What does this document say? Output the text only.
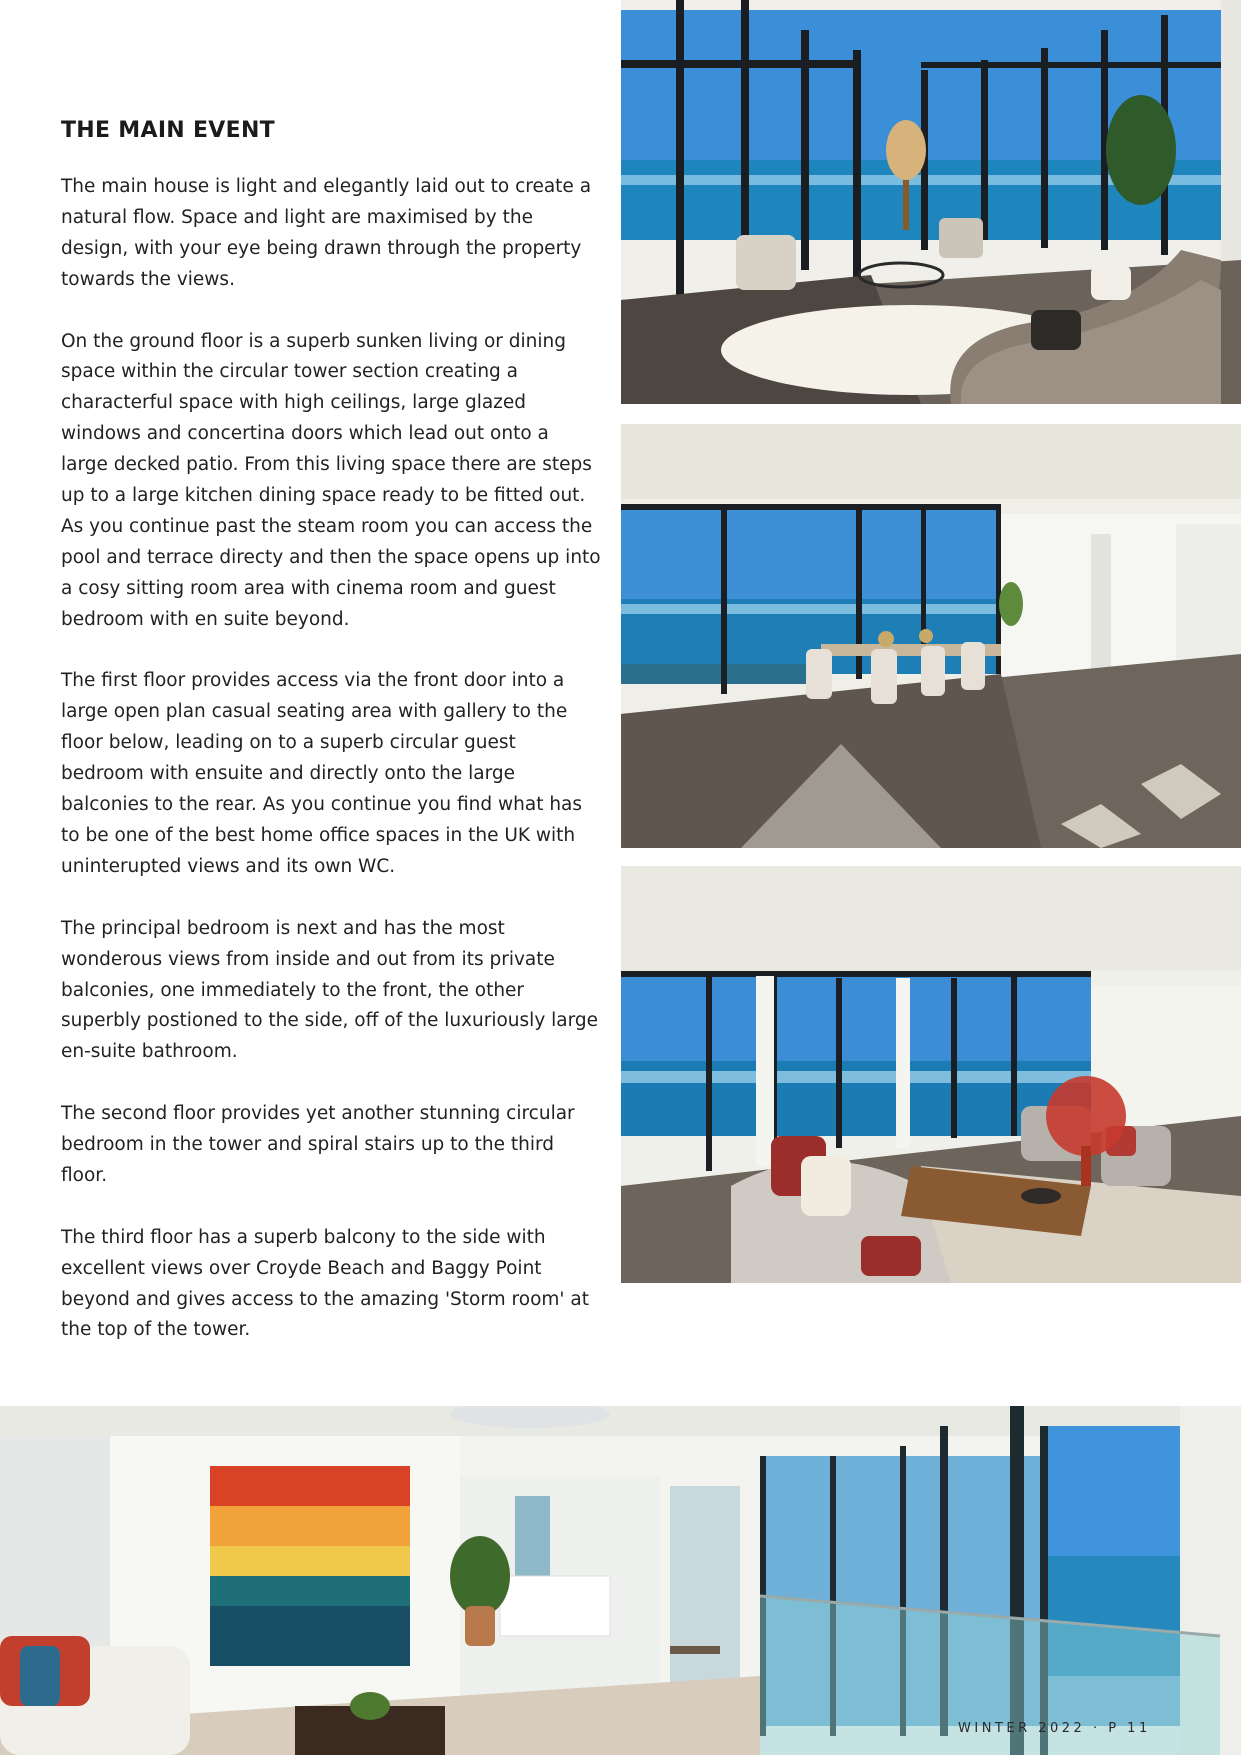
THE MAIN EVENT

The main house is light and elegantly laid out to create a natural flow. Space and light are maximised by the design, with your eye being drawn through the property towards the views.

On the ground floor is a superb sunken living or dining space within the circular tower section creating a characterful space with high ceilings, large glazed windows and concertina doors which lead out onto a large decked patio. From this living space there are steps up to a large kitchen dining space ready to be fitted out. As you continue past the steam room you can access the pool and terrace directy and then the space opens up into a cosy sitting room area with cinema room and guest bedroom with en suite beyond.

The first floor provides access via the front door into a large open plan casual seating area with gallery to the floor below, leading on to a superb circular guest bedroom with ensuite and directly onto the large balconies to the rear. As you continue you find what has to be one of the best home office spaces in the UK with uninterupted views and its own WC.

The principal bedroom is next and has the most wonderous views from inside and out from its private balconies, one immediately to the front, the other superbly postioned to the side, off of the luxuriously large en-suite bathroom.

The second floor provides yet another stunning circular bedroom in the tower and spiral stairs up to the third floor.

The third floor has a superb balcony to the side with excellent views over Croyde Beach and Baggy Point beyond and gives access to the amazing 'Storm room' at the top of the tower.

WINTER 2022 · P 11
